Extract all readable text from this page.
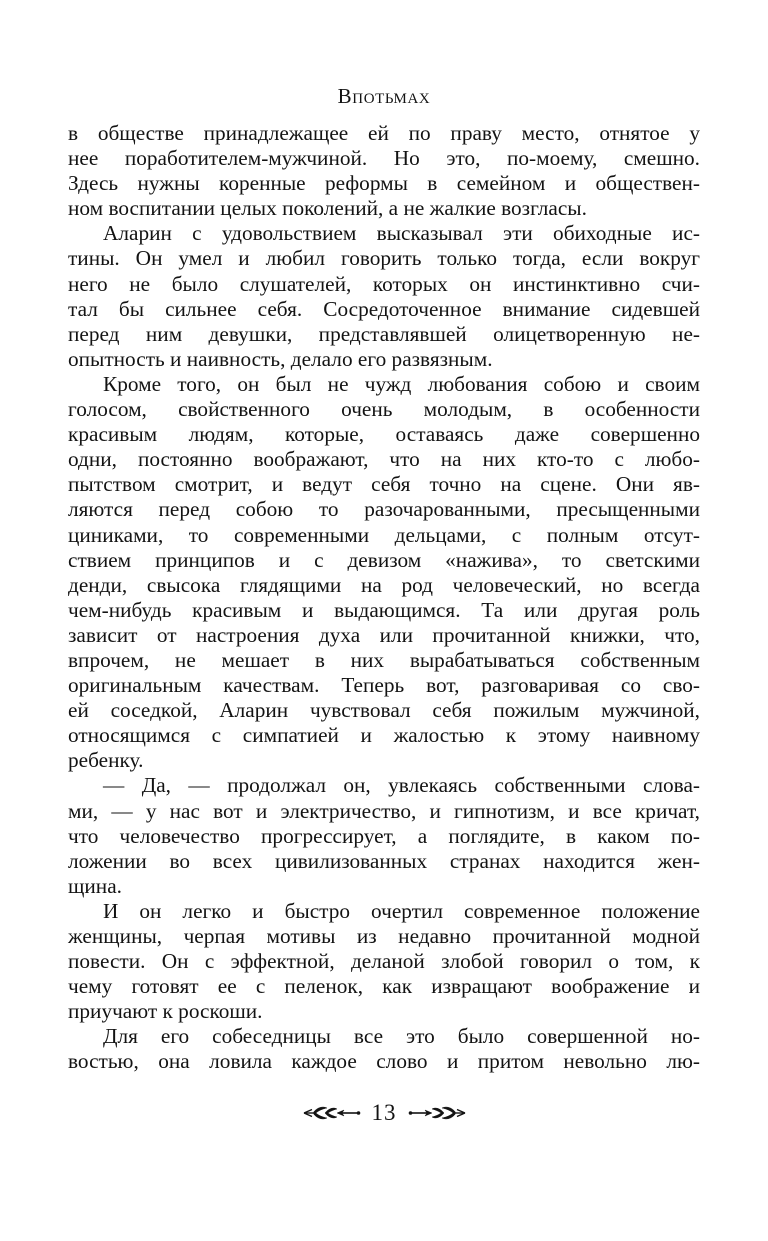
Впотьмах
в обществе принадлежащее ей по праву место, отнятое у
нее поработителем-мужчиной. Но это, по-моему, смешно.
Здесь нужны коренные реформы в семейном и обществен-
ном воспитании целых поколений, а не жалкие возгласы.
Аларин с удовольствием высказывал эти обиходные ис-
тины. Он умел и любил говорить только тогда, если вокруг
него не было слушателей, которых он инстинктивно счи-
тал бы сильнее себя. Сосредоточенное внимание сидевшей
перед ним девушки, представлявшей олицетворенную не-
опытность и наивность, делало его развязным.
Кроме того, он был не чужд любования собою и своим
голосом, свойственного очень молодым, в особенности
красивым людям, которые, оставаясь даже совершенно
одни, постоянно воображают, что на них кто-то с любо-
пытством смотрит, и ведут себя точно на сцене. Они яв-
ляются перед собою то разочарованными, пресыщенными
циниками, то современными дельцами, с полным отсут-
ствием принципов и с девизом «нажива», то светскими
денди, свысока глядящими на род человеческий, но всегда
чем-нибудь красивым и выдающимся. Та или другая роль
зависит от настроения духа или прочитанной книжки, что,
впрочем, не мешает в них вырабатываться собственным
оригинальным качествам. Теперь вот, разговаривая со сво-
ей соседкой, Аларин чувствовал себя пожилым мужчиной,
относящимся с симпатией и жалостью к этому наивному
ребенку.
— Да, — продолжал он, увлекаясь собственными слова-
ми, — у нас вот и электричество, и гипнотизм, и все кричат,
что человечество прогрессирует, а поглядите, в каком по-
ложении во всех цивилизованных странах находится жен-
щина.
И он легко и быстро очертил современное положение
женщины, черпая мотивы из недавно прочитанной модной
повести. Он с эффектной, деланой злобой говорил о том, к
чему готовят ее с пеленок, как извращают воображение и
приучают к роскоши.
Для его собеседницы все это было совершенной но-
востью, она ловила каждое слово и притом невольно лю-
13
